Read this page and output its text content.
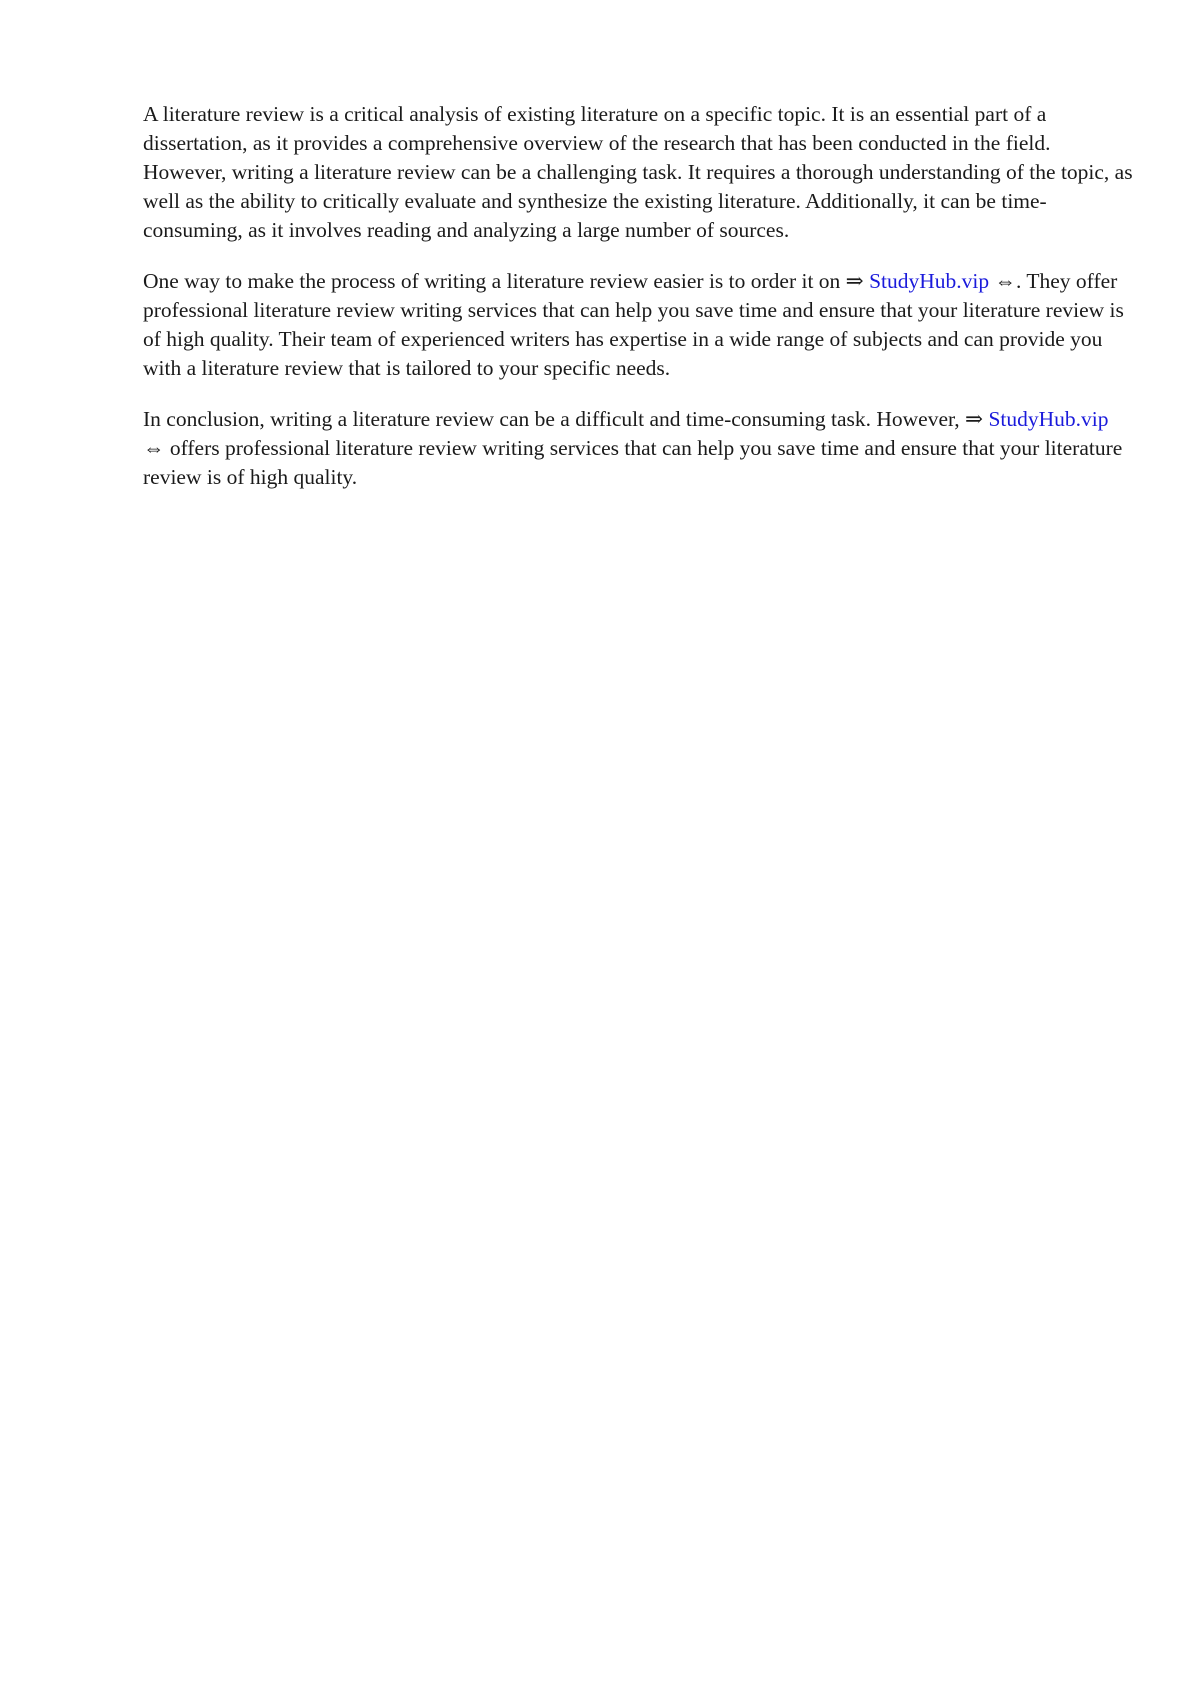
A literature review is a critical analysis of existing literature on a specific topic. It is an essential part of a dissertation, as it provides a comprehensive overview of the research that has been conducted in the field. However, writing a literature review can be a challenging task. It requires a thorough understanding of the topic, as well as the ability to critically evaluate and synthesize the existing literature. Additionally, it can be time-consuming, as it involves reading and analyzing a large number of sources.

One way to make the process of writing a literature review easier is to order it on ⇒ StudyHub.vip ⇔. They offer professional literature review writing services that can help you save time and ensure that your literature review is of high quality. Their team of experienced writers has expertise in a wide range of subjects and can provide you with a literature review that is tailored to your specific needs.

In conclusion, writing a literature review can be a difficult and time-consuming task. However, ⇒ StudyHub.vip ⇔ offers professional literature review writing services that can help you save time and ensure that your literature review is of high quality.
